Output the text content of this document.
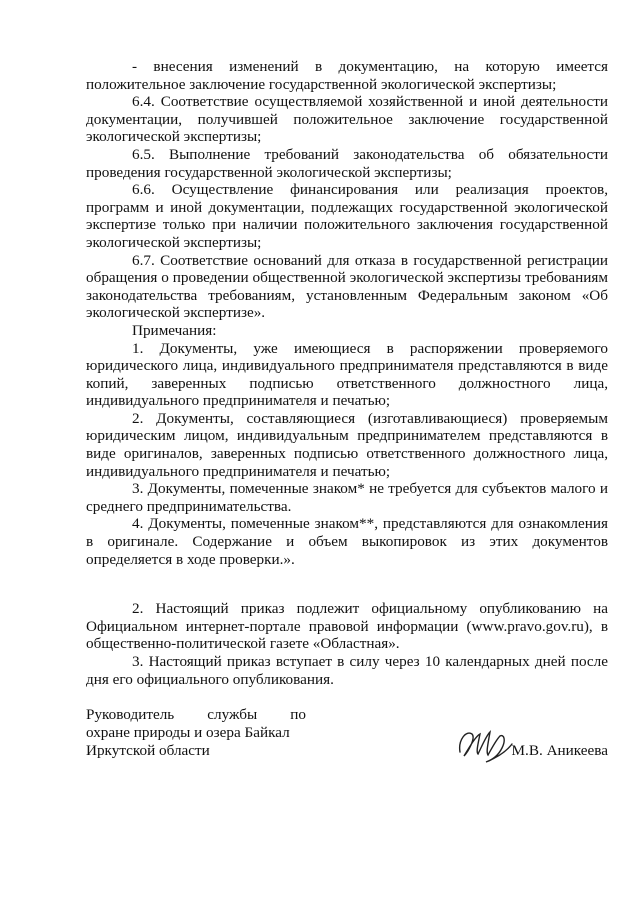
- внесения изменений в документацию, на которую имеется положительное заключение государственной экологической экспертизы;

6.4. Соответствие осуществляемой хозяйственной и иной деятельности документации, получившей положительное заключение государственной экологической экспертизы;

6.5. Выполнение требований законодательства об обязательности проведения государственной экологической экспертизы;

6.6. Осуществление финансирования или реализация проектов, программ и иной документации, подлежащих государственной экологической экспертизе только при наличии положительного заключения государственной экологической экспертизы;

6.7. Соответствие оснований для отказа в государственной регистрации обращения о проведении общественной экологической экспертизы требованиям законодательства требованиям, установленным Федеральным законом «Об экологической экспертизе».

Примечания:

1. Документы, уже имеющиеся в распоряжении проверяемого юридического лица, индивидуального предпринимателя представляются в виде копий, заверенных подписью ответственного должностного лица, индивидуального предпринимателя и печатью;

2. Документы, составляющиеся (изготавливающиеся) проверяемым юридическим лицом, индивидуальным предпринимателем представляются в виде оригиналов, заверенных подписью ответственного должностного лица, индивидуального предпринимателя и печатью;

3. Документы, помеченные знаком* не требуется для субъектов малого и среднего предпринимательства.

4. Документы, помеченные знаком**, представляются для ознакомления в оригинале. Содержание и объем выкопировок из этих документов определяется в ходе проверки.».

2. Настоящий приказ подлежит официальному опубликованию на Официальном интернет-портале правовой информации (www.pravo.gov.ru), в общественно-политической газете «Областная».

3. Настоящий приказ вступает в силу через 10 календарных дней после дня его официального опубликования.

Руководитель службы по
охране природы и озера Байкал
Иркутской области	М.В. Аникеева
